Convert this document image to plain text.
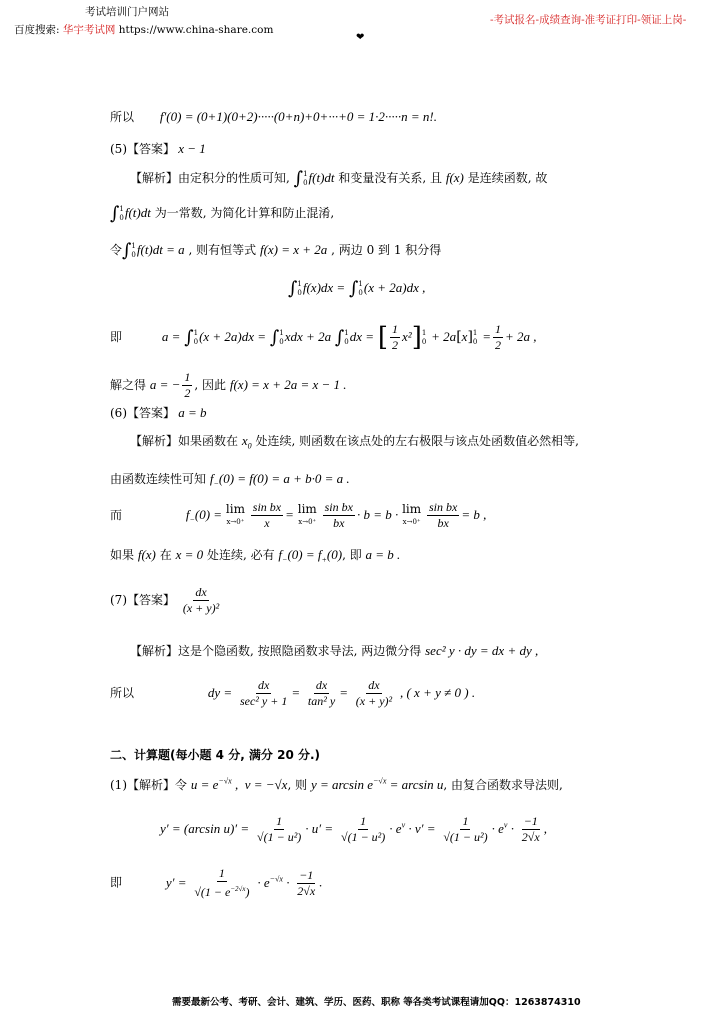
考试培训门户网站
百度搜索: 华宇考试网 https://www.china-share.com
-考试报名-成绩查询-准考证打印-领证上岗-
❤
所以 f′(0) = (0+1)(0+2)·····(0+n)+0+···+0 = 1·2·····n = n!.
(5)【答案】 x − 1
【解析】由定积分的性质可知, ∫ 1
0 f(t)dt 和变量没有关系, 且 f(x) 是连续函数, 故
∫ 1
0 f(t)dt 为一常数, 为简化计算和防止混淆,
令∫ 1
0 f(t)dt = a , 则有恒等式 f(x) = x + 2a , 两边 0 到 1 积分得
∫ 1
0 f(x)dx = ∫ 1
0 (x + 2a)dx ,
即	a = ∫ 1
0 (x + 2a)dx = ∫ 1
0 xdx + 2a ∫ 1
0 dx = [ $\frac{1}{2} x^2$] 1
0 + 2a[x] 1
$0 = \frac{1}{2} + 2a$ ,
解之得 a = − $\frac{1}{2}$ , 因此 f(x) = x + 2a = x − 1 .
(6)【答案】 a = b
【解析】如果函数在 $x_0$ 处连续, 则函数在该点处的左右极限与该点处函数值必然相等,
由函数连续性可知 $f_-(0) = f(0) = a + b\cdot 0 = a$ .
而	$f_-(0) = \lim$
x→0⁺
$\frac{\text{sin bx}}{x} = \lim$
x→0⁺
$\frac{\text{sin bx}}{bx} \cdot b = b \cdot \lim$
x→0⁺
$\frac{\text{sin bx}}{bx} = b$ ,
如果 f(x) 在 x = 0 处连续, 必有 $f_-(0) = f_+(0)$, 即 a = b .
(7)【答案】 $\frac{dx}{\text{(x + y)²}}$
【解析】这是个隐函数, 按照隐函数求导法, 两边微分得 sec² y · dy = dx + dy ,
所以	dy = dx
sec² y + 1
= $\frac{dx}{\text{tan² y}} = \frac{dx}{\text{(x + y)²}}$ , ( x + y ≠ 0 ) .
二、计算题(每小题 4 分, 满分 20 分.)
(1)【解析】令 $u = e^{-√x}$ ,  v = −√x, 则 $y = \arcsin e^{-√x} = \arcsin u$, 由复合函数求导法则,
y′ = (arcsin $u)' = \frac{1}{\text{√(1 − u²)}} \cdot u' = \frac{1}{\text{√(1 − u²)}} \cdot e^v \cdot v' = \frac{1}{\text{√(1 − u²)}} \cdot e^v \cdot \frac{-1}{2√x}$ ,
即	$y' = \frac{1}{√(1 - e^{-2√x})} \cdot e^{-√x} \cdot \frac{-1}{2√x}$ .
需要最新公考、考研、会计、建筑、学历、医药、职称 等各类考试课程请加QQ：1263874310
